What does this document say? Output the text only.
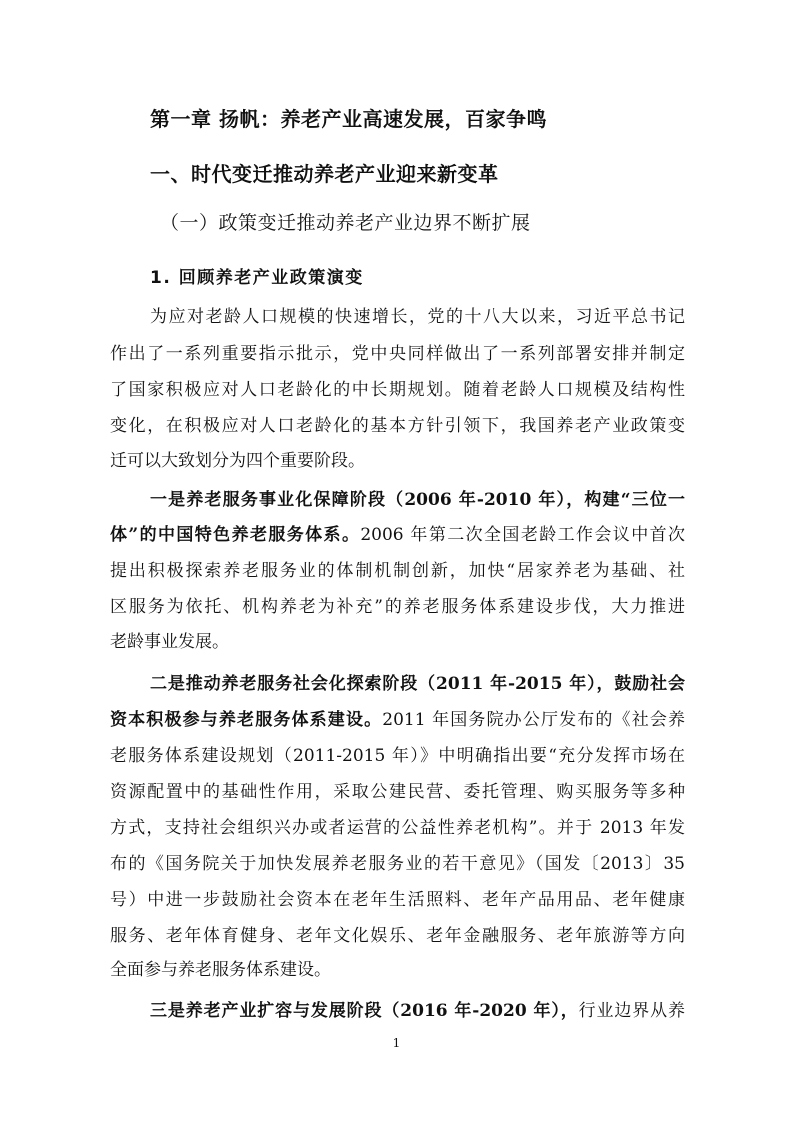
第一章 扬帆：养老产业高速发展，百家争鸣
一、时代变迁推动养老产业迎来新变革
（一）政策变迁推动养老产业边界不断扩展
1. 回顾养老产业政策演变

为应对老龄人口规模的快速增长，党的十八大以来，习近平总书记

作出了一系列重要指示批示，党中央同样做出了一系列部署安排并制定

了国家积极应对人口老龄化的中长期规划。随着老龄人口规模及结构性

变化，在积极应对人口老龄化的基本方针引领下，我国养老产业政策变

迁可以大致划分为四个重要阶段。

一是养老服务事业化保障阶段（2006 年-2010 年），构建“三位一

体”的中国特色养老服务体系。2006 年第二次全国老龄工作会议中首次

提出积极探索养老服务业的体制机制创新，加快“居家养老为基础、社

区服务为依托、机构养老为补充”的养老服务体系建设步伐，大力推进

老龄事业发展。

二是推动养老服务社会化探索阶段（2011 年-2015 年），鼓励社会

资本积极参与养老服务体系建设。2011 年国务院办公厅发布的《社会养

老服务体系建设规划（2011-2015 年）》中明确指出要“充分发挥市场在

资源配置中的基础性作用，采取公建民营、委托管理、购买服务等多种

方式，支持社会组织兴办或者运营的公益性养老机构”。并于 2013 年发

布的《国务院关于加快发展养老服务业的若干意见》（国发〔2013〕35

号）中进一步鼓励社会资本在老年生活照料、老年产品用品、老年健康

服务、老年体育健身、老年文化娱乐、老年金融服务、老年旅游等方向

全面参与养老服务体系建设。

三是养老产业扩容与发展阶段（2016 年-2020 年），行业边界从养

1
